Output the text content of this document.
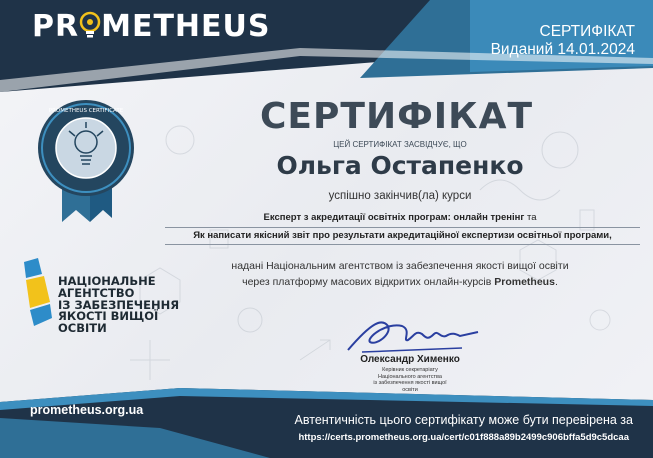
PR METHEUS	СЕРТИФІКАТ
Виданий 14.01.2024
PROMETHEUS CERTIFICATE
НАЦІОНАЛЬНЕ
АГЕНТСТВО
ІЗ ЗАБЕЗПЕЧЕННЯ
ЯКОСТІ ВИЩОЇ ОСВІТИ
СЕРТИФІКАТ
ЦЕЙ СЕРТИФІКАТ ЗАСВІДЧУЄ, ЩО
Ольга Остапенко
успішно закінчив(ла) курси
Експерт з акредитації освітніх програм: онлайн тренінг та
Як написати якісний звіт про результати акредитаційної експертизи освітньої програми,
надані Національним агентством із забезпечення якості вищої освіти
через платформу масових відкритих онлайн-курсів Prometheus.
Олександр Хименко
Керівник секретаріату
Національного агентства
із забезпечення якості вищої
освіти
prometheus.org.ua
Автентичність цього сертифікату може бути перевірена за
https://certs.prometheus.org.ua/cert/c01f888a89b2499c906bffa5d9c5dcaa
